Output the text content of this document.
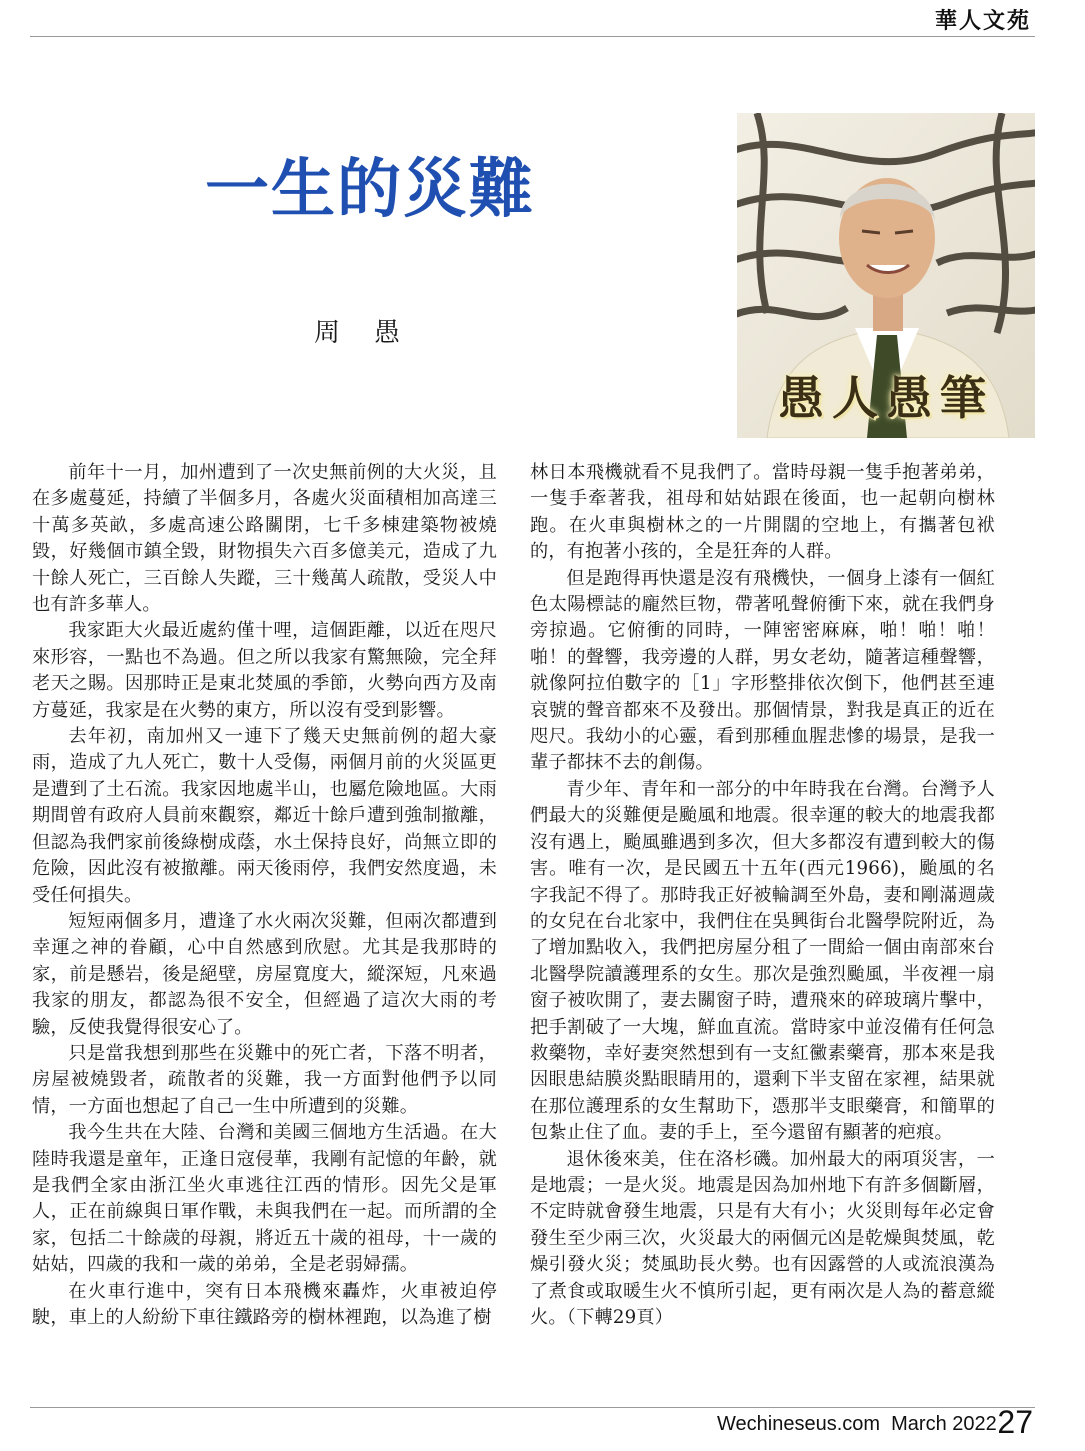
華人文苑
一生的災難
周愚
愚人愚筆

前年十一月，加州遭到了一次史無前例的大火災，且在多處蔓延，持續了半個多月，各處火災面積相加高達三十萬多英畝，多處高速公路關閉，七千多棟建築物被燒毀，好幾個市鎮全毀，財物損失六百多億美元，造成了九十餘人死亡，三百餘人失蹤，三十幾萬人疏散，受災人中也有許多華人。

我家距大火最近處約僅十哩，這個距離，以近在咫尺來形容，一點也不為過。但之所以我家有驚無險，完全拜老天之賜。因那時正是東北焚風的季節，火勢向西方及南方蔓延，我家是在火勢的東方，所以沒有受到影響。

去年初，南加州又一連下了幾天史無前例的超大豪雨，造成了九人死亡，數十人受傷，兩個月前的火災區更是遭到了土石流。我家因地處半山，也屬危險地區。大雨期間曾有政府人員前來觀察，鄰近十餘戶遭到強制撤離，但認為我們家前後綠樹成蔭，水土保持良好，尚無立即的危險，因此沒有被撤離。兩天後雨停，我們安然度過，未受任何損失。

短短兩個多月，遭逢了水火兩次災難，但兩次都遭到幸運之神的眷顧，心中自然感到欣慰。尤其是我那時的家，前是懸岩，後是絕壁，房屋寬度大，縱深短，凡來過我家的朋友，都認為很不安全，但經過了這次大雨的考驗，反使我覺得很安心了。

只是當我想到那些在災難中的死亡者，下落不明者，房屋被燒毀者，疏散者的災難，我一方面對他們予以同情，一方面也想起了自己一生中所遭到的災難。

我今生共在大陸、台灣和美國三個地方生活過。在大陸時我還是童年，正逢日寇侵華，我剛有記憶的年齡，就是我們全家由浙江坐火車逃往江西的情形。因先父是軍人，正在前線與日軍作戰，未與我們在一起。而所謂的全家，包括二十餘歲的母親，將近五十歲的祖母，十一歲的姑姑，四歲的我和一歲的弟弟，全是老弱婦孺。

在火車行進中，突有日本飛機來轟炸，火車被迫停駛，車上的人紛紛下車往鐵路旁的樹林裡跑，以為進了樹

林日本飛機就看不見我們了。當時母親一隻手抱著弟弟，一隻手牽著我，祖母和姑姑跟在後面，也一起朝向樹林跑。在火車與樹林之的一片開闊的空地上，有攜著包袱的，有抱著小孩的，全是狂奔的人群。

但是跑得再快還是沒有飛機快，一個身上漆有一個紅色太陽標誌的龐然巨物，帶著吼聲俯衝下來，就在我們身旁掠過。它俯衝的同時，一陣密密麻麻，啪！啪！啪！啪！的聲響，我旁邊的人群，男女老幼，隨著這種聲響，就像阿拉伯數字的［1」字形整排依次倒下，他們甚至連哀號的聲音都來不及發出。那個情景，對我是真正的近在咫尺。我幼小的心靈，看到那種血腥悲慘的場景，是我一輩子都抹不去的創傷。

青少年、青年和一部分的中年時我在台灣。台灣予人們最大的災難便是颱風和地震。很幸運的較大的地震我都沒有遇上，颱風雖遇到多次，但大多都沒有遭到較大的傷害。唯有一次，是民國五十五年(西元1966)，颱風的名字我記不得了。那時我正好被輪調至外島，妻和剛滿週歲的女兒在台北家中，我們住在吳興街台北醫學院附近，為了增加點收入，我們把房屋分租了一間給一個由南部來台北醫學院讀護理系的女生。那次是強烈颱風，半夜裡一扇窗子被吹開了，妻去關窗子時，遭飛來的碎玻璃片擊中，把手割破了一大塊，鮮血直流。當時家中並沒備有任何急救藥物，幸好妻突然想到有一支紅黴素藥膏，那本來是我因眼患結膜炎點眼睛用的，還剩下半支留在家裡，結果就在那位護理系的女生幫助下，憑那半支眼藥膏，和簡單的包紮止住了血。妻的手上，至今還留有顯著的疤痕。

退休後來美，住在洛杉磯。加州最大的兩項災害，一是地震；一是火災。地震是因為加州地下有許多個斷層，不定時就會發生地震，只是有大有小；火災則每年必定會發生至少兩三次，火災最大的兩個元凶是乾燥與焚風，乾燥引發火災；焚風助長火勢。也有因露營的人或流浪漢為了煮食或取暖生火不慎所引起，更有兩次是人為的蓄意縱火。（下轉29頁）

Wechineseus.com  March 2022 27
